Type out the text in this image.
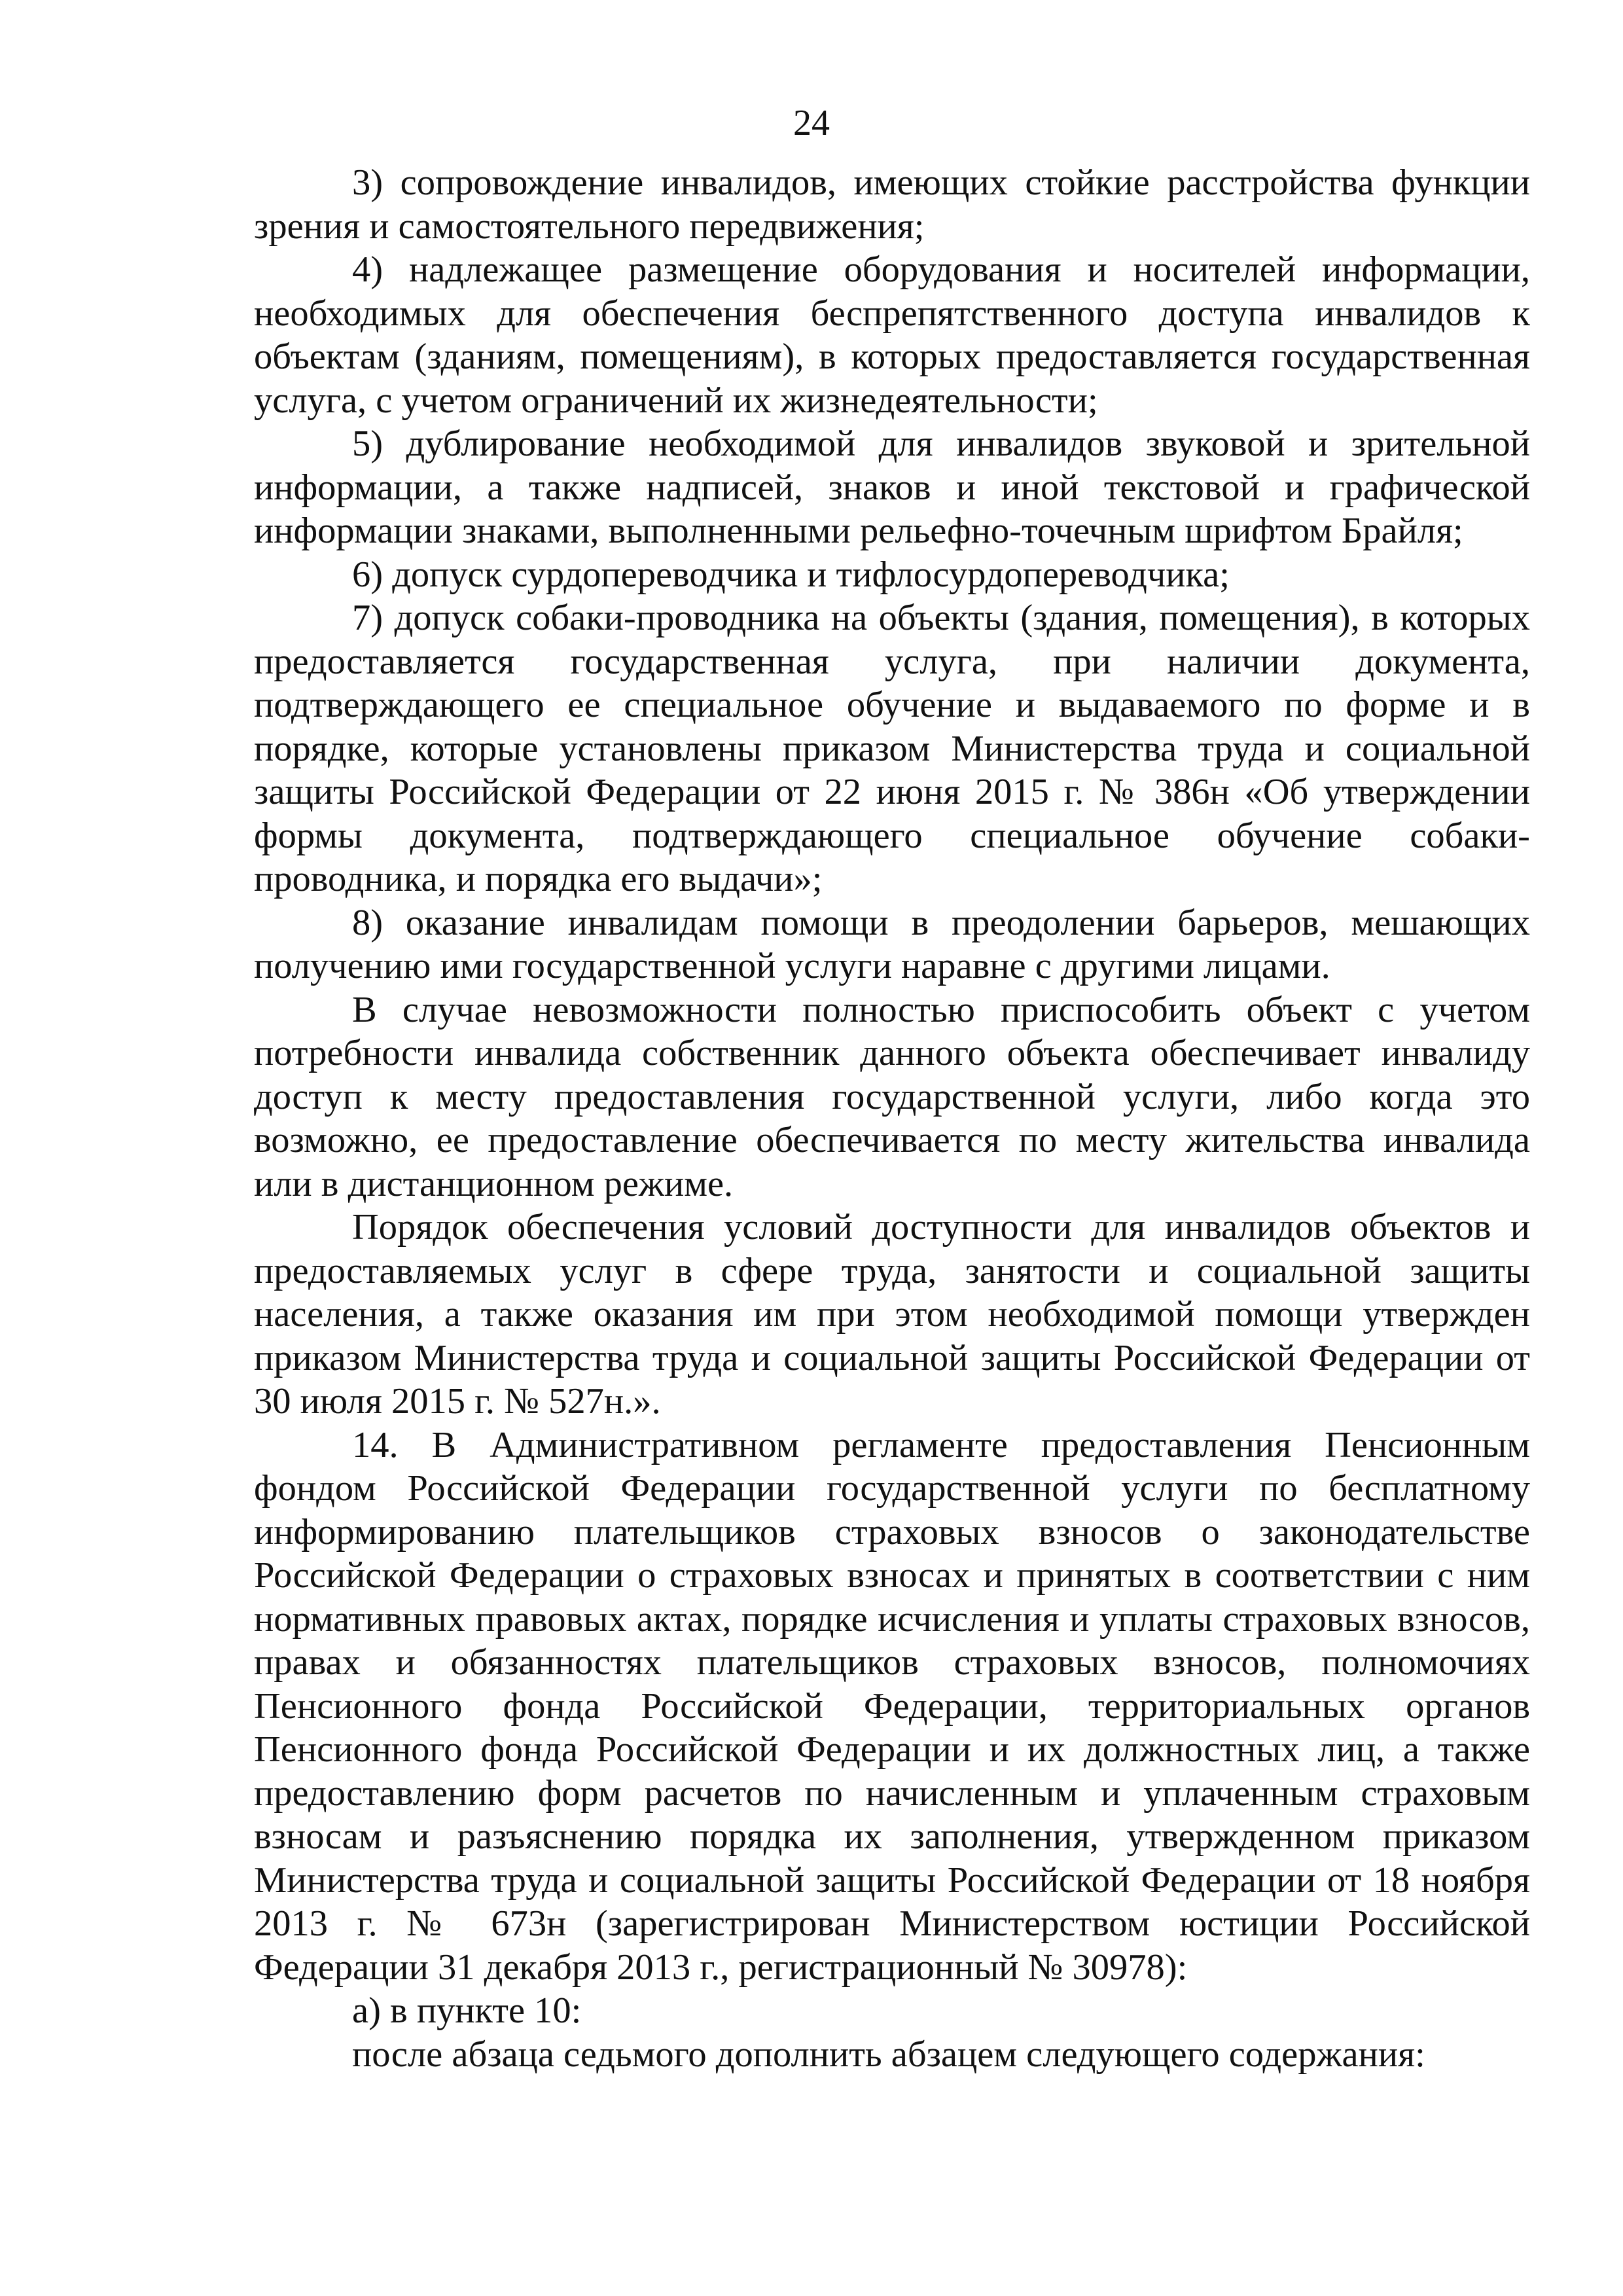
24

3) сопровождение инвалидов, имеющих стойкие расстройства функции зрения и самостоятельного передвижения;

4) надлежащее размещение оборудования и носителей информации, необходимых для обеспечения беспрепятственного доступа инвалидов к объектам (зданиям, помещениям), в которых предоставляется государственная услуга, с учетом ограничений их жизнедеятельности;

5) дублирование необходимой для инвалидов звуковой и зрительной информации, а также надписей, знаков и иной текстовой и графической информации знаками, выполненными рельефно-точечным шрифтом Брайля;

6) допуск сурдопереводчика и тифлосурдопереводчика;

7) допуск собаки-проводника на объекты (здания, помещения), в которых предоставляется государственная услуга, при наличии документа, подтверждающего ее специальное обучение и выдаваемого по форме и в порядке, которые установлены приказом Министерства труда и социальной защиты Российской Федерации от 22 июня 2015 г. № 386н «Об утверждении формы документа, подтверждающего специальное обучение собаки-проводника, и порядка его выдачи»;

8) оказание инвалидам помощи в преодолении барьеров, мешающих получению ими государственной услуги наравне с другими лицами.

В случае невозможности полностью приспособить объект с учетом потребности инвалида собственник данного объекта обеспечивает инвалиду доступ к месту предоставления государственной услуги, либо когда это возможно, ее предоставление обеспечивается по месту жительства инвалида или в дистанционном режиме.

Порядок обеспечения условий доступности для инвалидов объектов и предоставляемых услуг в сфере труда, занятости и социальной защиты населения, а также оказания им при этом необходимой помощи утвержден приказом Министерства труда и социальной защиты Российской Федерации от 30 июля 2015 г. № 527н.».

14. В Административном регламенте предоставления Пенсионным фондом Российской Федерации государственной услуги по бесплатному информированию плательщиков страховых взносов о законодательстве Российской Федерации о страховых взносах и принятых в соответствии с ним нормативных правовых актах, порядке исчисления и уплаты страховых взносов, правах и обязанностях плательщиков страховых взносов, полномочиях Пенсионного фонда Российской Федерации, территориальных органов Пенсионного фонда Российской Федерации и их должностных лиц, а также предоставлению форм расчетов по начисленным и уплаченным страховым взносам и разъяснению порядка их заполнения, утвержденном приказом Министерства труда и социальной защиты Российской Федерации от 18 ноября 2013 г. № 673н (зарегистрирован Министерством юстиции Российской Федерации 31 декабря 2013 г., регистрационный № 30978):

а) в пункте 10:

после абзаца седьмого дополнить абзацем следующего содержания:
